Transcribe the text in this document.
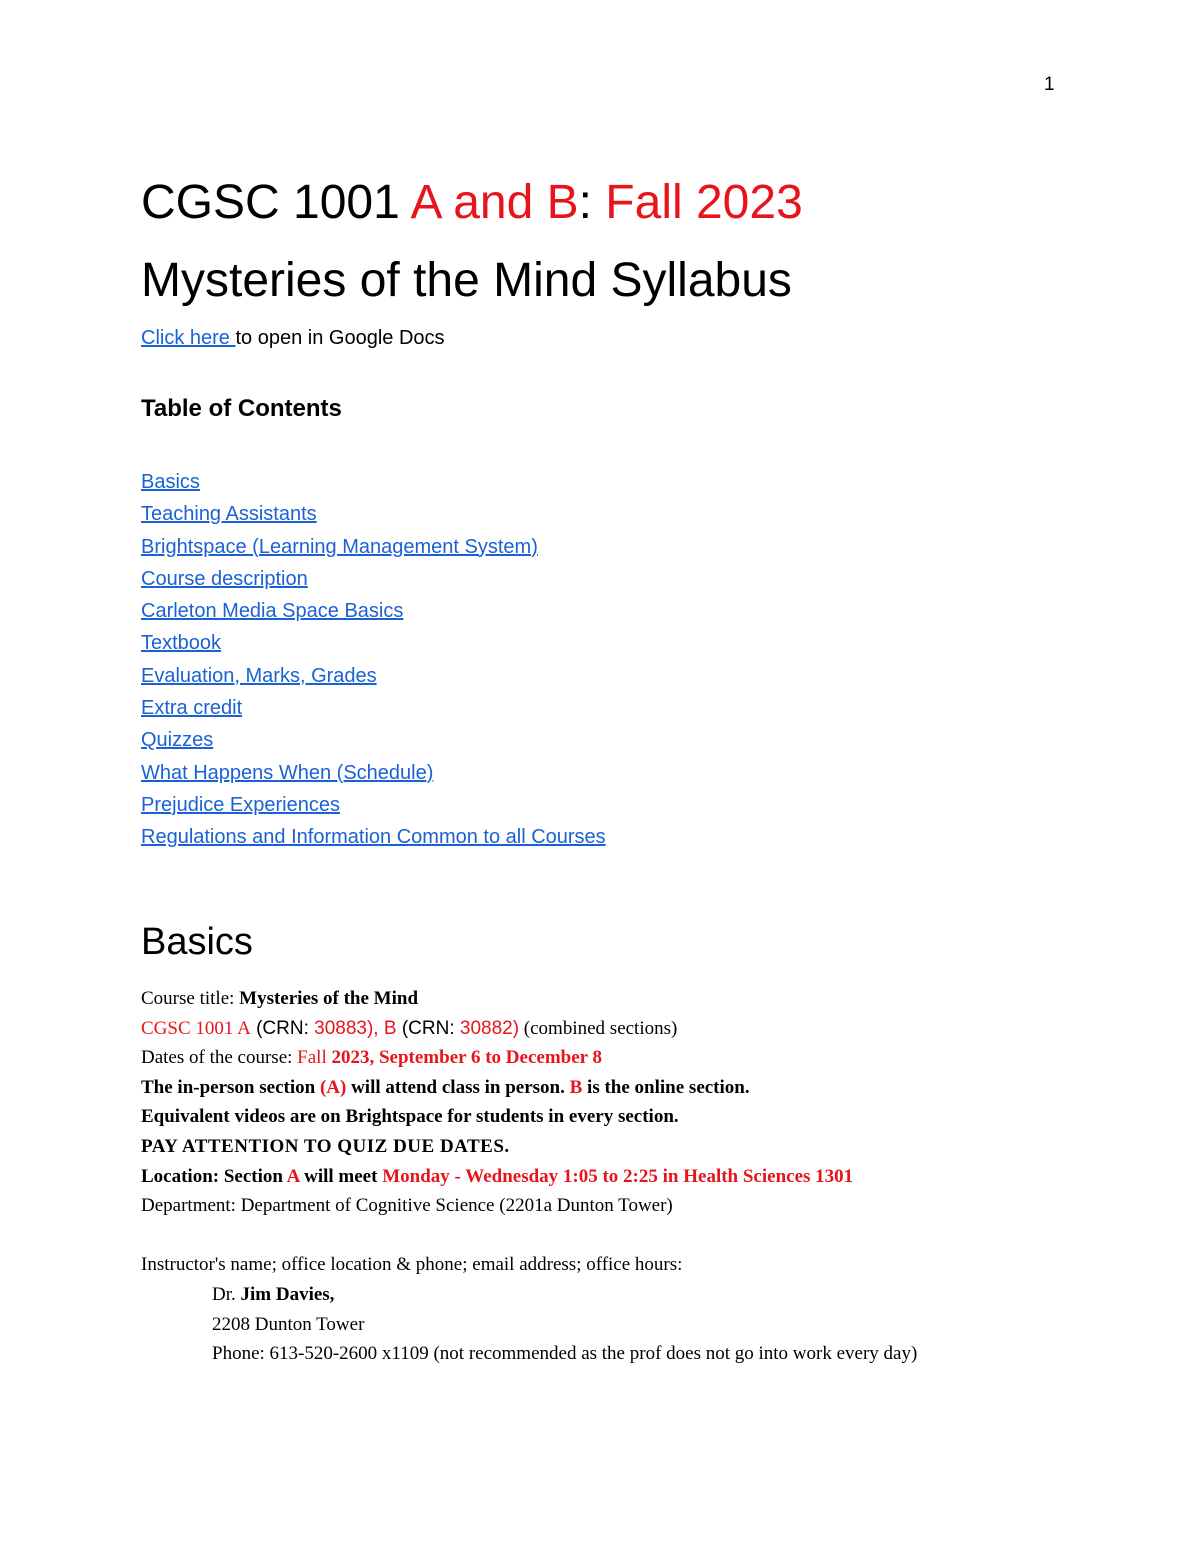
1
CGSC 1001 A and B: Fall 2023
Mysteries of the Mind Syllabus
Click here to open in Google Docs
Table of Contents
Basics
Teaching Assistants
Brightspace (Learning Management System)
Course description
Carleton Media Space Basics
Textbook
Evaluation, Marks, Grades
Extra credit
Quizzes
What Happens When (Schedule)
Prejudice Experiences
Regulations and Information Common to all Courses
Basics
Course title: Mysteries of the Mind
CGSC 1001 A (CRN: 30883), B (CRN: 30882) (combined sections)
Dates of the course: Fall 2023, September 6 to December 8
The in-person section (A) will attend class in person. B is the online section.
Equivalent videos are on Brightspace for students in every section.
PAY ATTENTION TO QUIZ DUE DATES.
Location: Section A will meet Monday - Wednesday 1:05 to 2:25 in Health Sciences 1301
Department: Department of Cognitive Science (2201a Dunton Tower)
Instructor's name; office location & phone; email address; office hours:
Dr. Jim Davies,
2208 Dunton Tower
Phone: 613-520-2600 x1109 (not recommended as the prof does not go into work every day)
